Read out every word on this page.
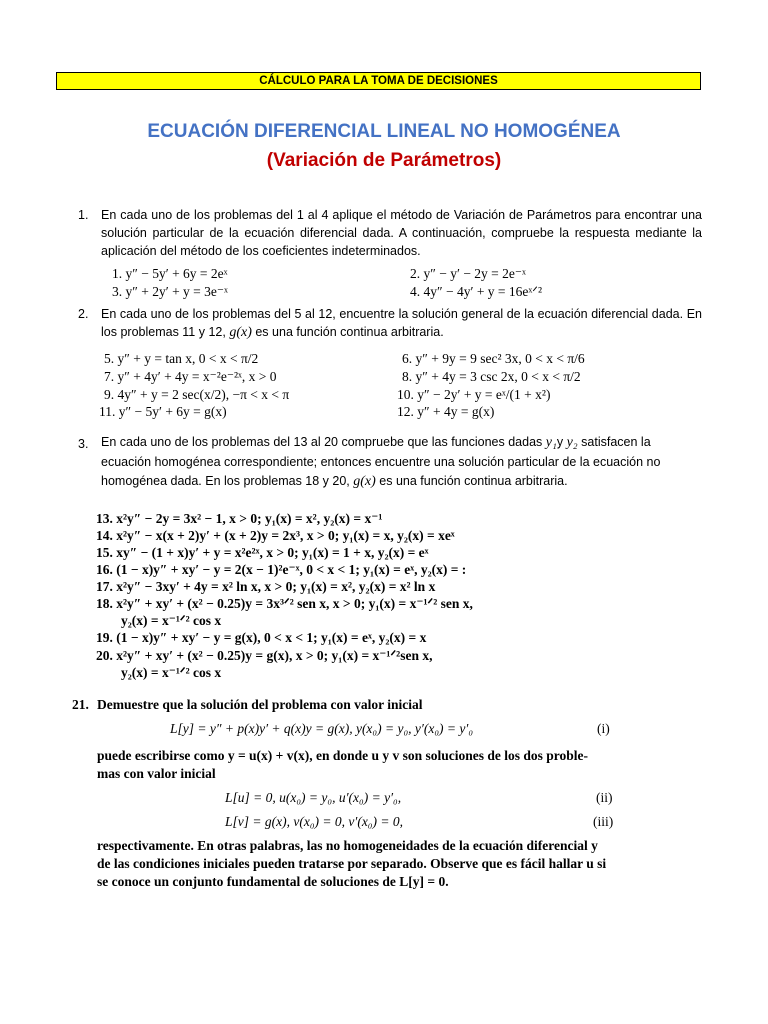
CÁLCULO PARA LA TOMA DE DECISIONES
ECUACIÓN DIFERENCIAL LINEAL NO HOMOGÉNEA
(Variación de Parámetros)
1. En cada uno de los problemas del 1 al 4 aplique el método de Variación de Parámetros para encontrar una solución particular de la ecuación diferencial dada. A continuación, compruebe la respuesta mediante la aplicación del método de los coeficientes indeterminados.
1. y″ − 5y′ + 6y = 2eˣ	2. y″ − y′ − 2y = 2e⁻ˣ
3. y″ + 2y′ + y = 3e⁻ˣ	4. 4y″ − 4y′ + y = 16eˣᐟ²
2. En cada uno de los problemas del 5 al 12, encuentre la solución general de la ecuación diferencial dada. En los problemas 11 y 12, g(x) es una función continua arbitraria.
5. y″ + y = tan x, 0 < x < π/2	6. y″ + 9y = 9 sec² 3x, 0 < x < π/6
7. y″ + 4y′ + 4y = x⁻²e⁻²ˣ, x > 0	8. y″ + 4y = 3 csc 2x, 0 < x < π/2
9. 4y″ + y = 2 sec(x/2), −π < x < π	10. y″ − 2y′ + y = eˣ/(1 + x²)
11. y″ − 5y′ + 6y = g(x)	12. y″ + 4y = g(x)
3. En cada uno de los problemas del 13 al 20 compruebe que las funciones dadas y₁y y₂ satisfacen la ecuación homogénea correspondiente; entonces encuentre una solución particular de la ecuación no homogénea dada. En los problemas 18 y 20, g(x) es una función continua arbitraria.
13. x²y″ − 2y = 3x² − 1, x > 0; y₁(x) = x², y₂(x) = x⁻¹
14. x²y″ − x(x + 2)y′ + (x + 2)y = 2x³, x > 0; y₁(x) = x, y₂(x) = xeˣ
15. xy″ − (1 + x)y′ + y = x²e²ˣ, x > 0; y₁(x) = 1 + x, y₂(x) = eˣ
16. (1 − x)y″ + xy′ − y = 2(x − 1)²e⁻ˣ, 0 < x < 1; y₁(x) = eˣ, y₂(x) = :
17. x²y″ − 3xy′ + 4y = x² ln x, x > 0; y₁(x) = x², y₂(x) = x² ln x
18. x²y″ + xy′ + (x² − 0.25)y = 3x³ᐟ² sen x, x > 0; y₁(x) = x⁻¹ᐟ² sen x,
y₂(x) = x⁻¹ᐟ² cos x
19. (1 − x)y″ + xy′ − y = g(x), 0 < x < 1; y₁(x) = eˣ, y₂(x) = x
20. x²y″ + xy′ + (x² − 0.25)y = g(x), x > 0; y₁(x) = x⁻¹ᐟ²sen x,
y₂(x) = x⁻¹ᐟ² cos x
21. Demuestre que la solución del problema con valor inicial
L[y] = y″ + p(x)y′ + q(x)y = g(x), y(x₀) = y₀, y′(x₀) = y′₀	(i)
puede escribirse como y = u(x) + v(x), en donde u y v son soluciones de los dos proble-
mas con valor inicial
L[u] = 0, u(x₀) = y₀, u′(x₀) = y′₀,	(ii)
L[v] = g(x), v(x₀) = 0, v′(x₀) = 0,	(iii)
respectivamente. En otras palabras, las no homogeneidades de la ecuación diferencial y
de las condiciones iniciales pueden tratarse por separado. Observe que es fácil hallar u si
se conoce un conjunto fundamental de soluciones de L[y] = 0.
